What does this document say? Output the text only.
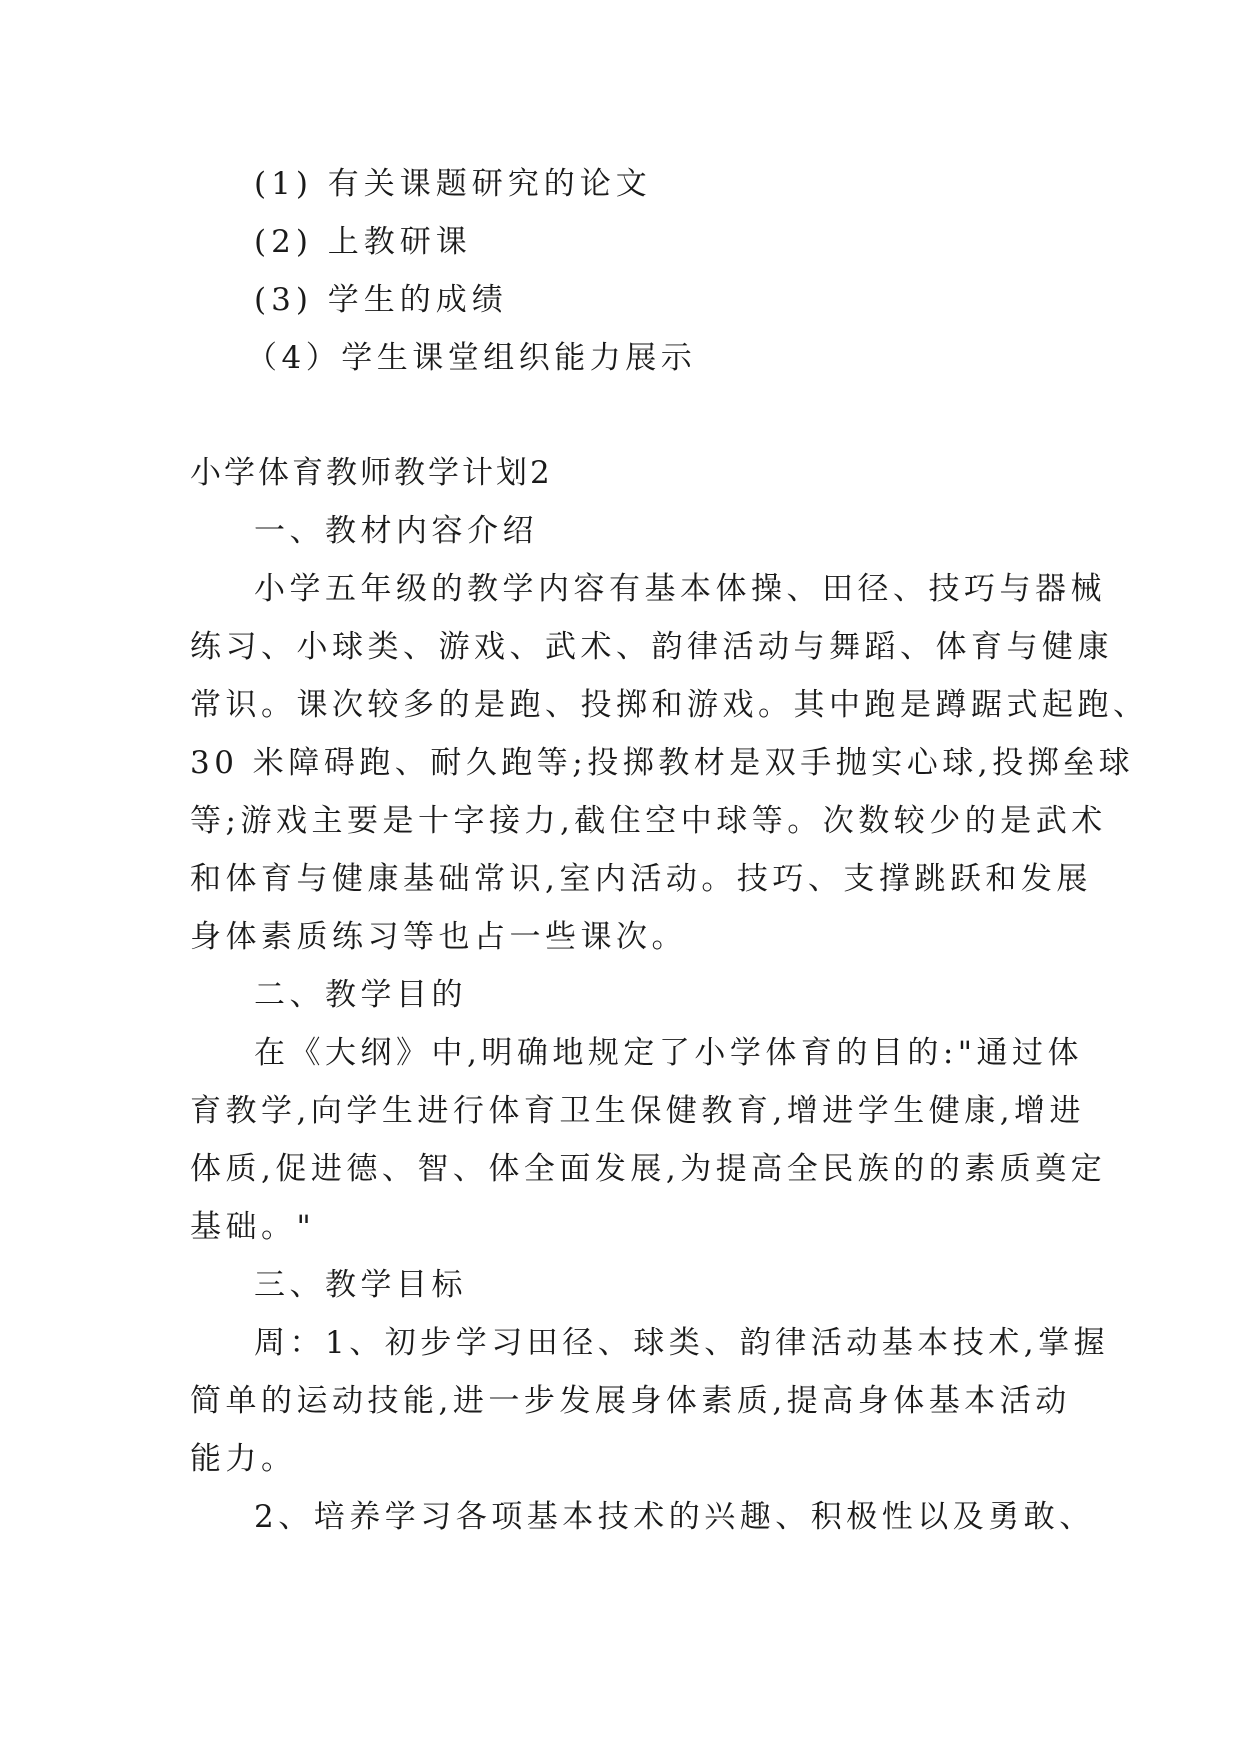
(1) 有关课题研究的论文
(2) 上教研课
(3) 学生的成绩
（4）学生课堂组织能力展示
小学体育教师教学计划2
一、教材内容介绍
小学五年级的教学内容有基本体操、田径、技巧与器械
练习、小球类、游戏、武术、韵律活动与舞蹈、体育与健康
常识。课次较多的是跑、投掷和游戏。其中跑是蹲踞式起跑、
30 米障碍跑、耐久跑等;投掷教材是双手抛实心球,投掷垒球
等;游戏主要是十字接力,截住空中球等。次数较少的是武术
和体育与健康基础常识,室内活动。技巧、支撑跳跃和发展
身体素质练习等也占一些课次。
二、教学目的
在《大纲》中,明确地规定了小学体育的目的:"通过体
育教学,向学生进行体育卫生保健教育,增进学生健康,增进
体质,促进德、智、体全面发展,为提高全民族的的素质奠定
基础。"
三、教学目标
周：1、初步学习田径、球类、韵律活动基本技术,掌握
简单的运动技能,进一步发展身体素质,提高身体基本活动
能力。
2、培养学习各项基本技术的兴趣、积极性以及勇敢、
